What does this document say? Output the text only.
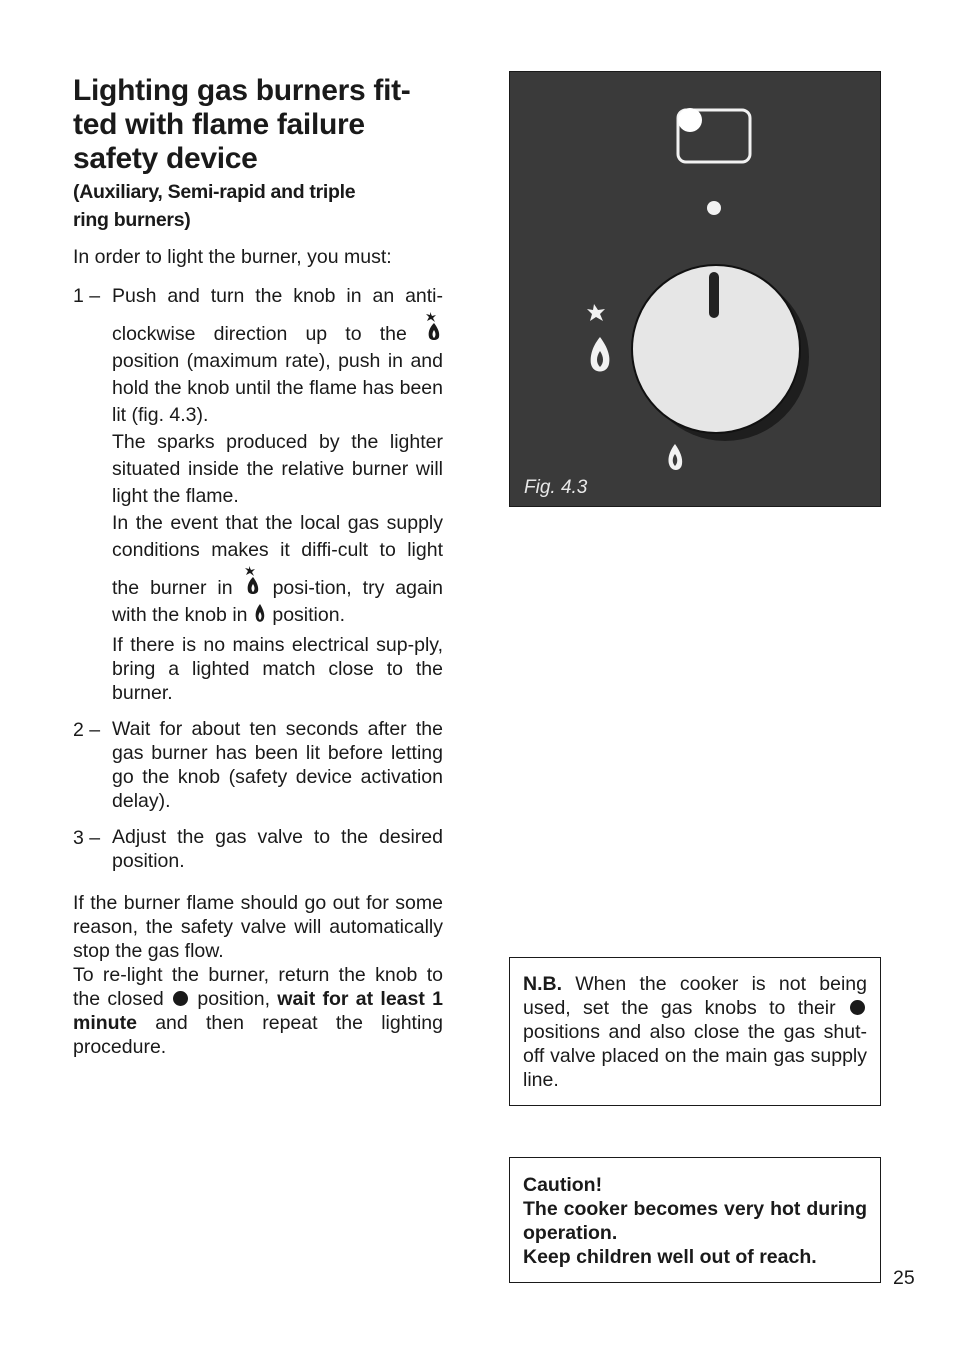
Lighting gas burners fit-
ted with flame failure
safety device
(Auxiliary, Semi-rapid and triple
ring burners)

In order to light the burner, you must:

1 – Push and turn the knob in an anti-clockwise direction up to the  position (maximum rate), push in and hold the knob until the flame has been lit (fig. 4.3).

The sparks produced by the lighter situated inside the relative burner will light the flame.

In the event that the local gas supply conditions makes it diffi-cult to light the burner in posi-tion, try again with the knob in position.

If there is no mains electrical sup-ply, bring a lighted match close to the burner.

2 – Wait for about ten seconds after the gas burner has been lit before letting go the knob (safety device activation delay).

3 – Adjust the gas valve to the desired position.

If the burner flame should go out for some reason, the safety valve will automatically stop the gas flow.

To re-light the burner, return the knob to the closed position, wait for at least 1 minute and then repeat the lighting procedure.

Fig. 4.3

N.B. When the cooker is not being used, set the gas knobs to their  positions and also close the gas shut-off valve placed on the main gas supply line.

Caution!

The cooker becomes very hot during operation.

Keep children well out of reach.

25
